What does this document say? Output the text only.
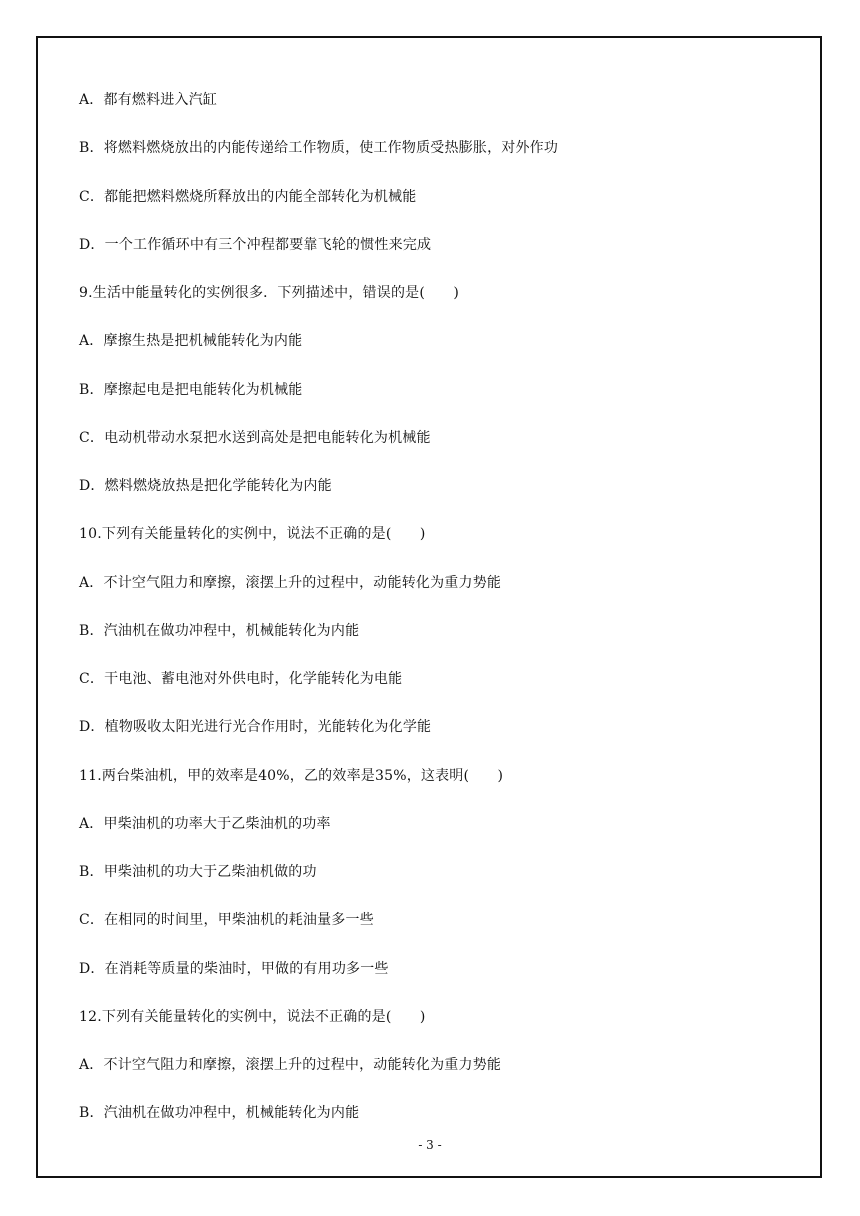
A．都有燃料进入汽缸
B．将燃料燃烧放出的内能传递给工作物质，使工作物质受热膨胀，对外作功
C．都能把燃料燃烧所释放出的内能全部转化为机械能
D．一个工作循环中有三个冲程都要靠飞轮的惯性来完成
9.生活中能量转化的实例很多．下列描述中，错误的是(　　)
A．摩擦生热是把机械能转化为内能
B．摩擦起电是把电能转化为机械能
C．电动机带动水泵把水送到高处是把电能转化为机械能
D．燃料燃烧放热是把化学能转化为内能
10.下列有关能量转化的实例中，说法不正确的是(　　)
A．不计空气阻力和摩擦，滚摆上升的过程中，动能转化为重力势能
B．汽油机在做功冲程中，机械能转化为内能
C．干电池、蓄电池对外供电时，化学能转化为电能
D．植物吸收太阳光进行光合作用时，光能转化为化学能
11.两台柴油机，甲的效率是40%，乙的效率是35%，这表明(　　)
A．甲柴油机的功率大于乙柴油机的功率
B．甲柴油机的功大于乙柴油机做的功
C．在相同的时间里，甲柴油机的耗油量多一些
D．在消耗等质量的柴油时，甲做的有用功多一些
12.下列有关能量转化的实例中，说法不正确的是(　　)
A．不计空气阻力和摩擦，滚摆上升的过程中，动能转化为重力势能
B．汽油机在做功冲程中，机械能转化为内能
- 3 -
